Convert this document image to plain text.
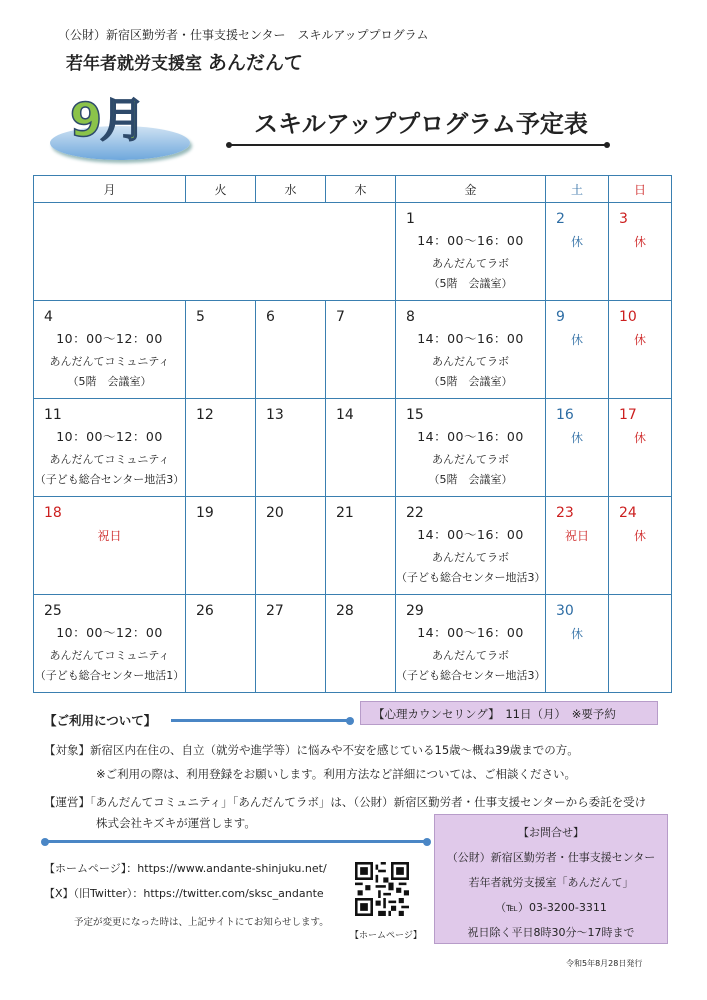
（公財）新宿区勤労者・仕事支援センター　スキルアッププログラム
若年者就労支援室 あんだんて
9月	スキルアッププログラム予定表
月	火	水	木	金	土	日

				1
14：00〜16：00
あんだんてラボ
（5階　会議室）	2
休	3
休

4
10：00〜12：00
あんだんてコミュニティ
（5階　会議室）	5	6	7	8
14：00〜16：00
あんだんてラボ
（5階　会議室）	9
休	10
休

11
10：00〜12：00
あんだんてコミュニティ
（子ども総合センター地活3）	12	13	14	15
14：00〜16：00
あんだんてラボ
（5階　会議室）	16
休	17
休

18
祝日	19	20	21	22
14：00〜16：00
あんだんてラボ
（子ども総合センター地活3）	23
祝日	24
休

25
10：00〜12：00
あんだんてコミュニティ
（子ども総合センター地活1）	26	27	28	29
14：00〜16：00
あんだんてラボ
（子ども総合センター地活3）	30
休	

【ご利用について】	【心理カウンセリング】　11日（月）　※要予約
【対象】新宿区内在住の、自立（就労や進学等）に悩みや不安を感じている15歳〜概ね39歳までの方。
※ご利用の際は、利用登録をお願いします。利用方法など詳細については、ご相談ください。
【運営】「あんだんてコミュニティ」「あんだんてラボ」は、（公財）新宿区勤労者・仕事支援センターから委託を受け
株式会社キズキが運営します。
【ホームページ】：https://www.andante-shinjuku.net/
【X】（旧Twitter）：https://twitter.com/sksc_andante
予定が変更になった時は、上記サイトにてお知らせします。
【ホームページ】
【お問合せ】
（公財）新宿区勤労者・仕事支援センター
若年者就労支援室「あんだんて」
（℡）03-3200-3311
祝日除く平日8時30分〜17時まで
令和5年8月28日発行
